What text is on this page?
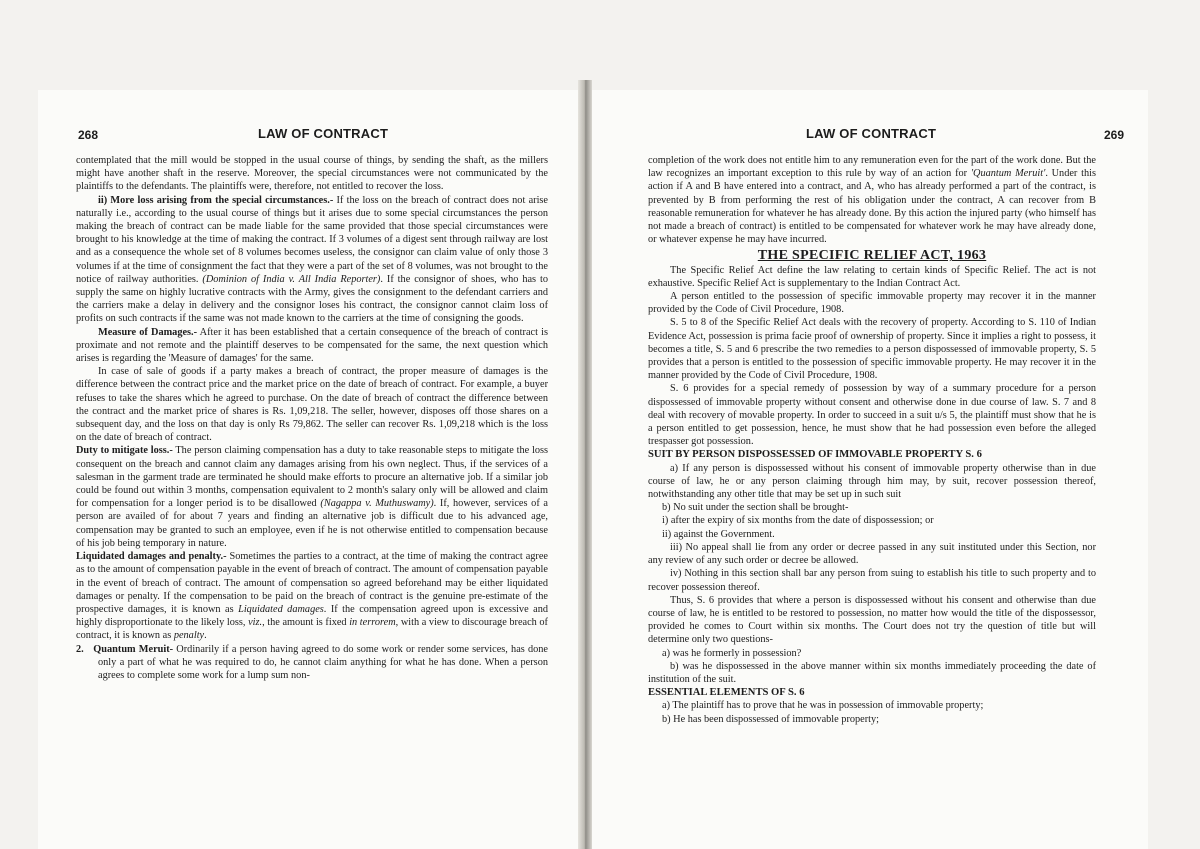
268	LAW OF CONTRACT

contemplated that the mill would be stopped in the usual course of things, by sending the shaft, as the millers might have another shaft in the reserve. Moreover, the special circumstances were not communicated by the plaintiffs to the defendants. The plaintiffs were, therefore, not entitled to recover the loss.

ii) More loss arising from the special circumstances.- If the loss on the breach of contract does not arise naturally i.e., according to the usual course of things but it arises due to some special circumstances the person making the breach of contract can be made liable for the same provided that those special circumstances were brought to his knowledge at the time of making the contract. If 3 volumes of a digest sent through railway are lost and as a consequence the whole set of 8 volumes becomes useless, the consignor can claim value of only those 3 volumes if at the time of consignment the fact that they were a part of the set of 8 volumes, was not brought to the notice of railway authorities. (Dominion of India v. All India Reporter). If the consignor of shoes, who has to supply the same on highly lucrative contracts with the Army, gives the consignment to the defendant carriers and the carriers make a delay in delivery and the consignor loses his contract, the consignor cannot claim loss of profits on such contracts if the same was not made known to the carriers at the time of consigning the goods.

Measure of Damages.- After it has been established that a certain consequence of the breach of contract is proximate and not remote and the plaintiff deserves to be compensated for the same, the next question which arises is regarding the 'Measure of damages' for the same.

In case of sale of goods if a party makes a breach of contract, the proper measure of damages is the difference between the contract price and the market price on the date of breach of contract. For example, a buyer refuses to take the shares which he agreed to purchase. On the date of breach of contract the difference between the contract and the market price of shares is Rs. 1,09,218. The seller, however, disposes off those shares on a subsequent day, and the loss on that day is only Rs 79,862. The seller can recover Rs. 1,09,218 which is the loss on the date of breach of contract.

Duty to mitigate loss.- The person claiming compensation has a duty to take reasonable steps to mitigate the loss consequent on the breach and cannot claim any damages arising from his own neglect. Thus, if the services of a salesman in the garment trade are terminated he should make efforts to procure an alternative job. If a similar job could be found out within 3 months, compensation equivalent to 2 month's salary only will be allowed and claim for compensation for a longer period is to be disallowed (Nagappa v. Muthuswamy). If, however, services of a person are availed of for about 7 years and finding an alternative job is difficult due to his advanced age, compensation may be granted to such an employee, even if he is not otherwise entitled to compensation because of his job being temporary in nature.

Liquidated damages and penalty.- Sometimes the parties to a contract, at the time of making the contract agree as to the amount of compensation payable in the event of breach of contract. The amount of compensation payable in the event of breach of contract. The amount of compensation so agreed beforehand may be either liquidated damages or penalty. If the compensation to be paid on the breach of contract is the genuine pre-estimate of the prospective damages, it is known as Liquidated damages. If the compensation agreed upon is excessive and highly disproportionate to the likely loss, viz., the amount is fixed in terrorem, with a view to discourage breach of contract, it is known as penalty.

2. Quantum Meruit- Ordinarily if a person having agreed to do some work or render some services, has done only a part of what he was required to do, he cannot claim anything for what he has done. When a person agrees to complete some work for a lump sum non-

LAW OF CONTRACT	269

completion of the work does not entitle him to any remuneration even for the part of the work done. But the law recognizes an important exception to this rule by way of an action for 'Quantum Meruit'. Under this action if A and B have entered into a contract, and A, who has already performed a part of the contract, is prevented by B from performing the rest of his obligation under the contract, A can recover from B reasonable remuneration for whatever he has already done. By this action the injured party (who himself has not made a breach of contract) is entitled to be compensated for whatever work he may have already done, or whatever expense he may have incurred.

THE SPECIFIC RELIEF ACT, 1963

The Specific Relief Act define the law relating to certain kinds of Specific Relief. The act is not exhaustive. Specific Relief Act is supplementary to the Indian Contract Act.

A person entitled to the possession of specific immovable property may recover it in the manner provided by the Code of Civil Procedure, 1908.

S. 5 to 8 of the Specific Relief Act deals with the recovery of property. According to S. 110 of Indian Evidence Act, possession is prima facie proof of ownership of property. Since it implies a right to possess, it becomes a title, S. 5 and 6 prescribe the two remedies to a person dispossessed of immovable property, S. 5 provides that a person is entitled to the possession of specific immovable property. He may recover it in the manner provided by the Code of Civil Procedure, 1908.

S. 6 provides for a special remedy of possession by way of a summary procedure for a person dispossessed of immovable property without consent and otherwise done in due course of law. S. 7 and 8 deal with recovery of movable property. In order to succeed in a suit u/s 5, the plaintiff must show that he is a person entitled to get possession, hence, he must show that he had possession even before the alleged trespasser got possession.

SUIT BY PERSON DISPOSSESSED OF IMMOVABLE PROPERTY S. 6

a) If any person is dispossessed without his consent of immovable property otherwise than in due course of law, he or any person claiming through him may, by suit, recover possession thereof, notwithstanding any other title that may be set up in such suit

b) No suit under the section shall be brought-

i) after the expiry of six months from the date of dispossession; or

ii) against the Government.

iii) No appeal shall lie from any order or decree passed in any suit instituted under this Section, nor any review of any such order or decree be allowed.

iv) Nothing in this section shall bar any person from suing to establish his title to such property and to recover possession thereof.

Thus, S. 6 provides that where a person is dispossessed without his consent and otherwise than due course of law, he is entitled to be restored to possession, no matter how would the title of the dispossessor, provided he comes to Court within six months. The Court does not try the question of title but will determine only two questions-

a) was he formerly in possession?

b) was he dispossessed in the above manner within six months immediately proceeding the date of institution of the suit.

ESSENTIAL ELEMENTS OF S. 6

a) The plaintiff has to prove that he was in possession of immovable property;

b) He has been dispossessed of immovable property;
